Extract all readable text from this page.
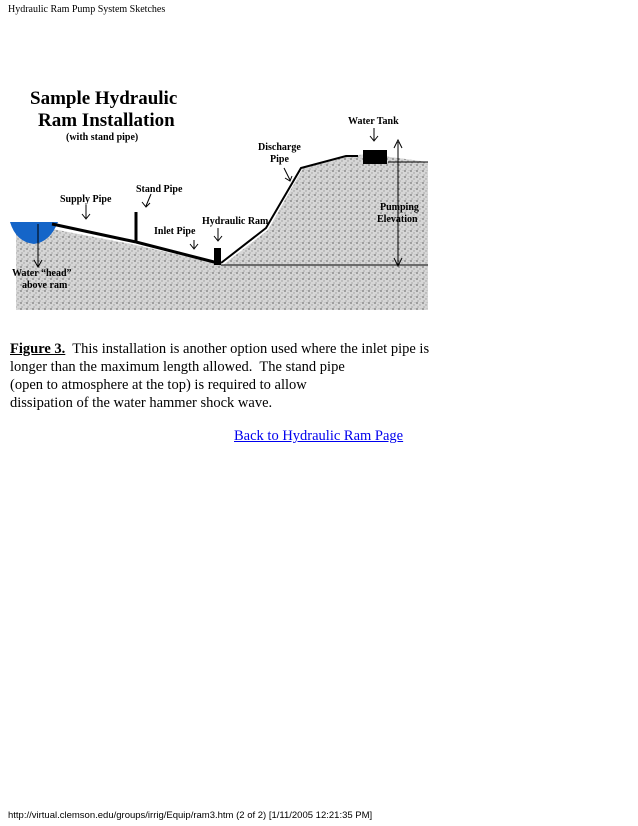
Hydraulic Ram Pump System Sketches
Sample Hydraulic
Ram Installation
(with stand pipe)
Water Tank
Discharge
Pipe
Stand Pipe
Supply Pipe
Hydraulic Ram
Inlet Pipe
Pumping
Elevation
Water “head”
above ram
Figure 3.  This installation is another option used where the inlet pipe is
longer than the maximum length allowed.  The stand pipe
(open to atmosphere at the top) is required to allow
dissipation of the water hammer shock wave.
Back to Hydraulic Ram Page
http://virtual.clemson.edu/groups/irrig/Equip/ram3.htm (2 of 2) [1/11/2005 12:21:35 PM]
